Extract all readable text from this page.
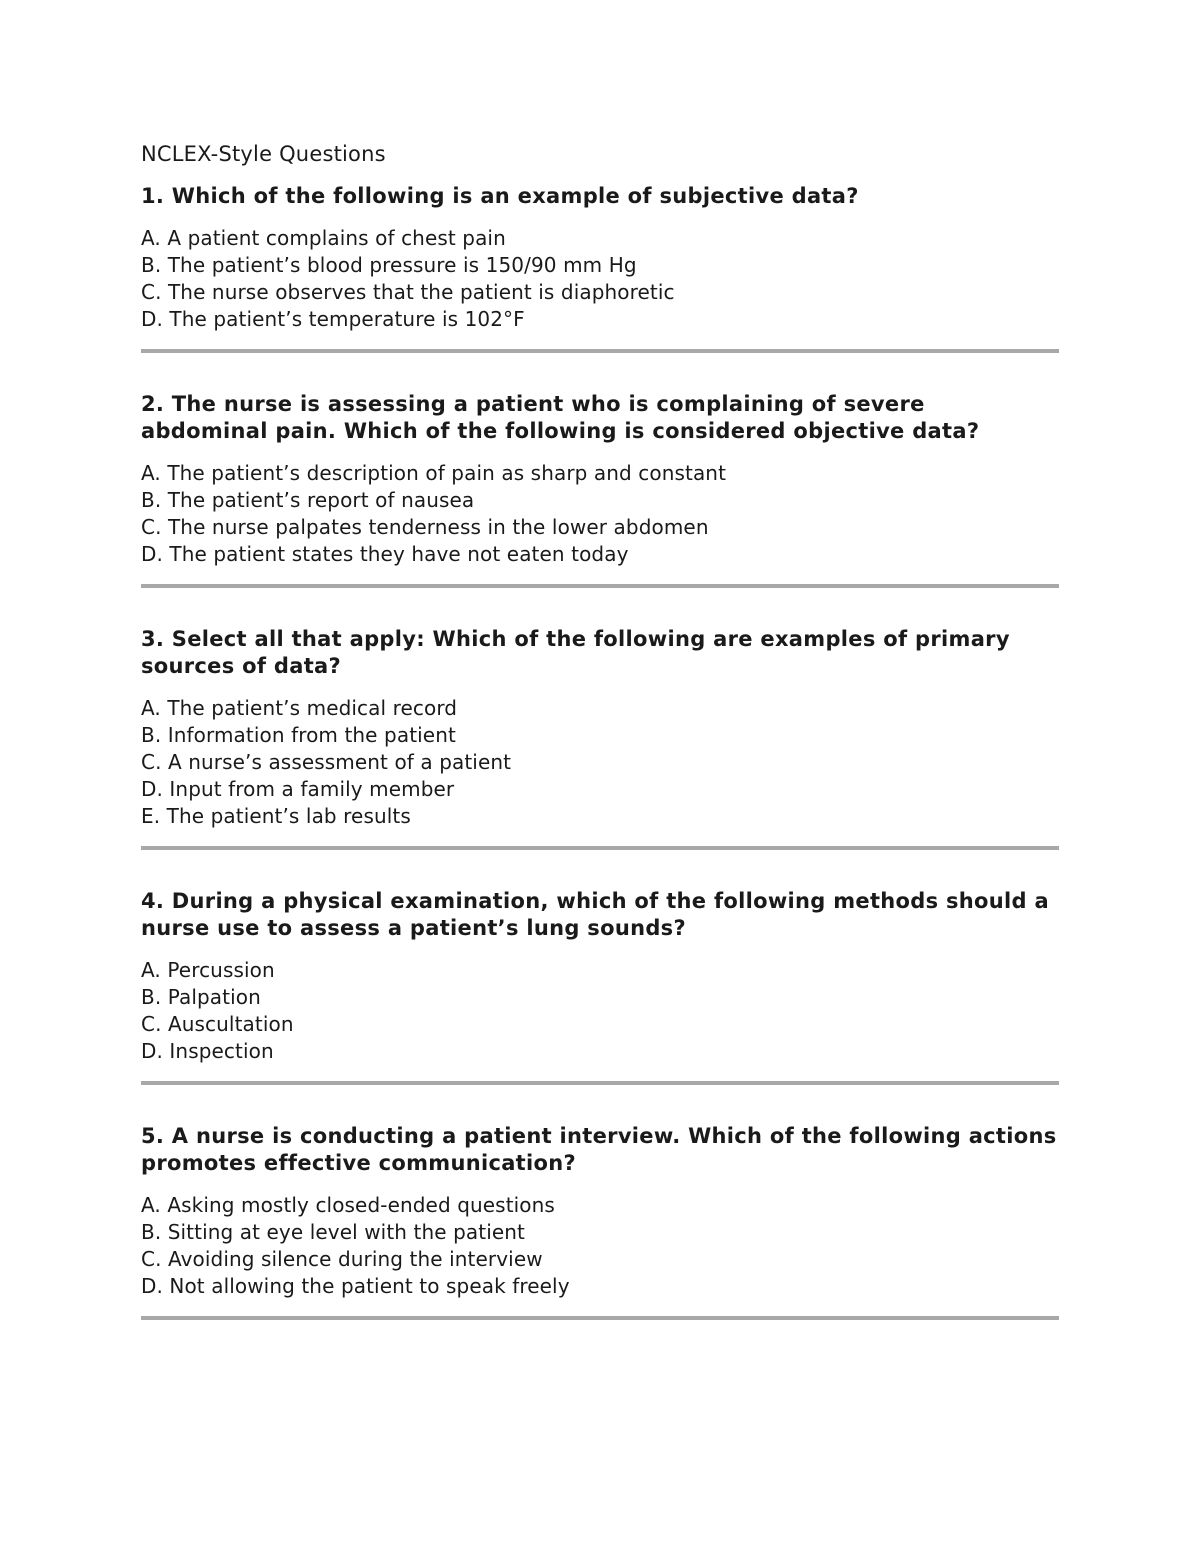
NCLEX-Style Questions

1. Which of the following is an example of subjective data?

A. A patient complains of chest pain
B. The patient’s blood pressure is 150/90 mm Hg
C. The nurse observes that the patient is diaphoretic
D. The patient’s temperature is 102°F

2. The nurse is assessing a patient who is complaining of severe abdominal pain. Which of the following is considered objective data?

A. The patient’s description of pain as sharp and constant
B. The patient’s report of nausea
C. The nurse palpates tenderness in the lower abdomen
D. The patient states they have not eaten today

3. Select all that apply: Which of the following are examples of primary sources of data?

A. The patient’s medical record
B. Information from the patient
C. A nurse’s assessment of a patient
D. Input from a family member
E. The patient’s lab results

4. During a physical examination, which of the following methods should a nurse use to assess a patient’s lung sounds?

A. Percussion
B. Palpation
C. Auscultation
D. Inspection

5. A nurse is conducting a patient interview. Which of the following actions promotes effective communication?

A. Asking mostly closed-ended questions
B. Sitting at eye level with the patient
C. Avoiding silence during the interview
D. Not allowing the patient to speak freely
